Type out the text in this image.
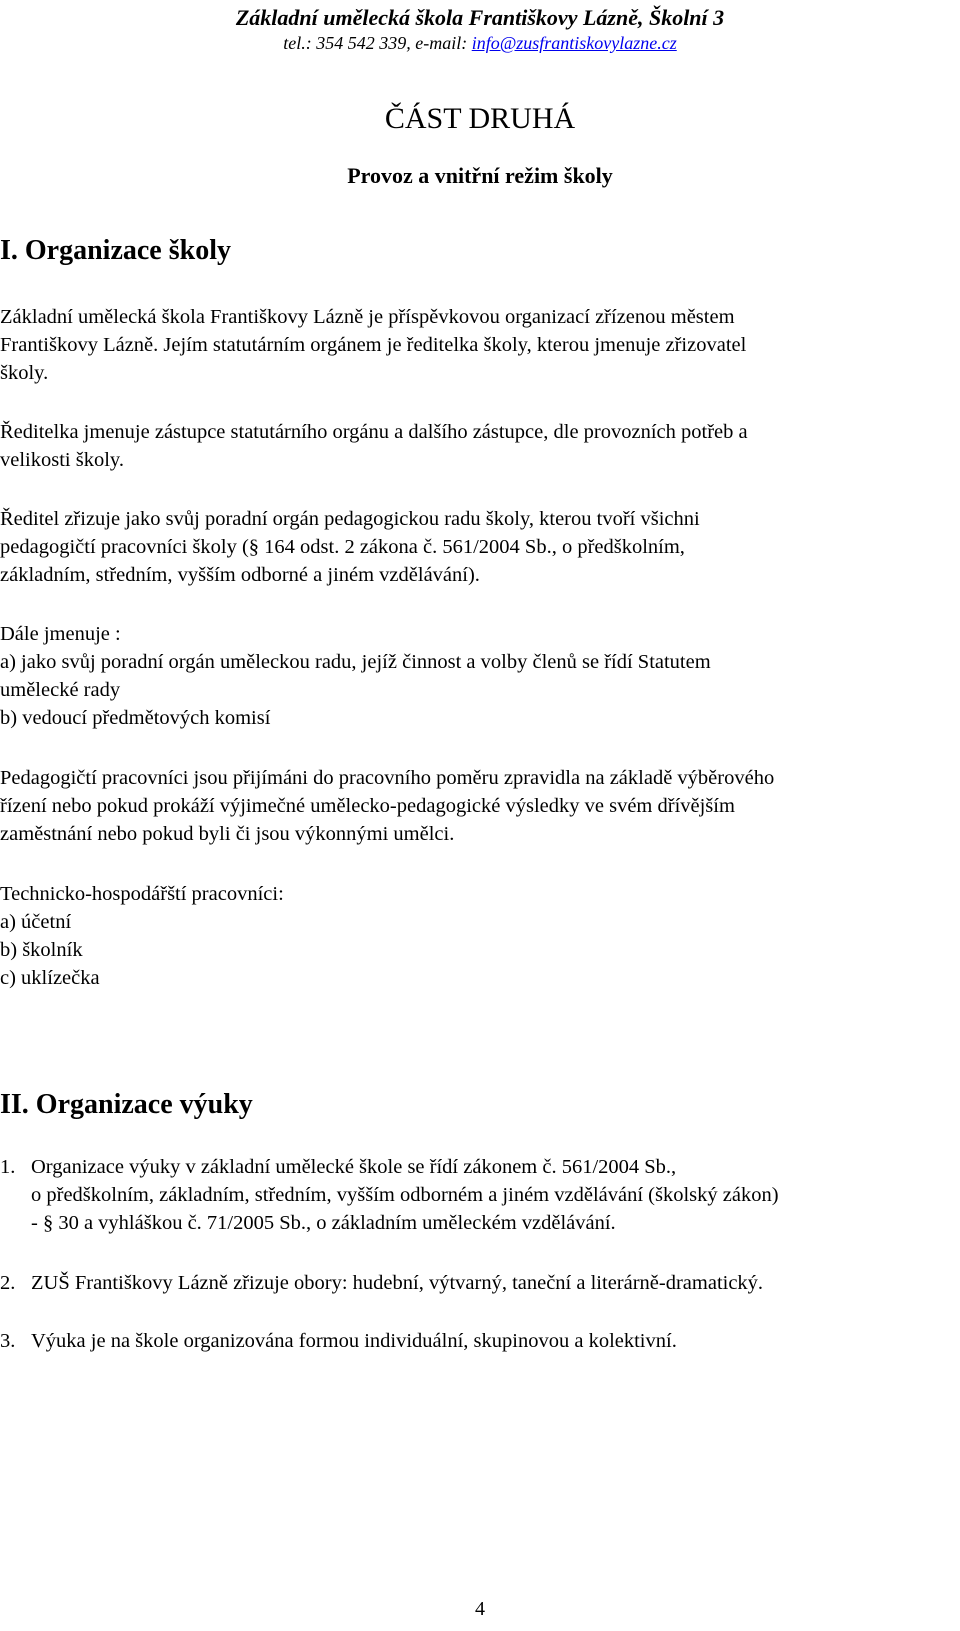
Základní umělecká škola Františkovy Lázně, Školní 3
tel.: 354 542 339, e-mail: info@zusfrantiskovylazne.cz
ČÁST DRUHÁ
Provoz a vnitřní režim školy
I. Organizace školy
Základní umělecká škola Františkovy Lázně je příspěvkovou organizací zřízenou městem
Františkovy Lázně. Jejím statutárním orgánem je ředitelka školy, kterou jmenuje zřizovatel
školy.
Ředitelka jmenuje zástupce statutárního orgánu a dalšího zástupce, dle provozních potřeb a
velikosti školy.
Ředitel zřizuje jako svůj poradní orgán pedagogickou radu školy, kterou tvoří všichni
pedagogičtí pracovníci školy (§ 164 odst. 2 zákona č. 561/2004 Sb., o předškolním,
základním, středním, vyšším odborné a jiném vzdělávání).
Dále jmenuje :
a) jako svůj poradní orgán uměleckou radu, jejíž činnost a volby členů se řídí Statutem
umělecké rady
b) vedoucí předmětových komisí
Pedagogičtí pracovníci jsou přijímáni do pracovního poměru zpravidla na základě výběrového
řízení nebo pokud prokáží výjimečné umělecko-pedagogické výsledky ve svém dřívějším
zaměstnání nebo pokud byli či jsou výkonnými umělci.
Technicko-hospodářští pracovníci:
a) účetní
b) školník
c) uklízečka
II. Organizace výuky
1. Organizace výuky v základní umělecké škole se řídí zákonem č. 561/2004 Sb.,
o předškolním, základním, středním, vyšším odborném a jiném vzdělávání (školský zákon)
- § 30 a vyhláškou č. 71/2005 Sb., o základním uměleckém vzdělávání.
2. ZUŠ Františkovy Lázně zřizuje obory: hudební, výtvarný, taneční a literárně-dramatický.
3. Výuka je na škole organizována formou individuální, skupinovou a kolektivní.
4
